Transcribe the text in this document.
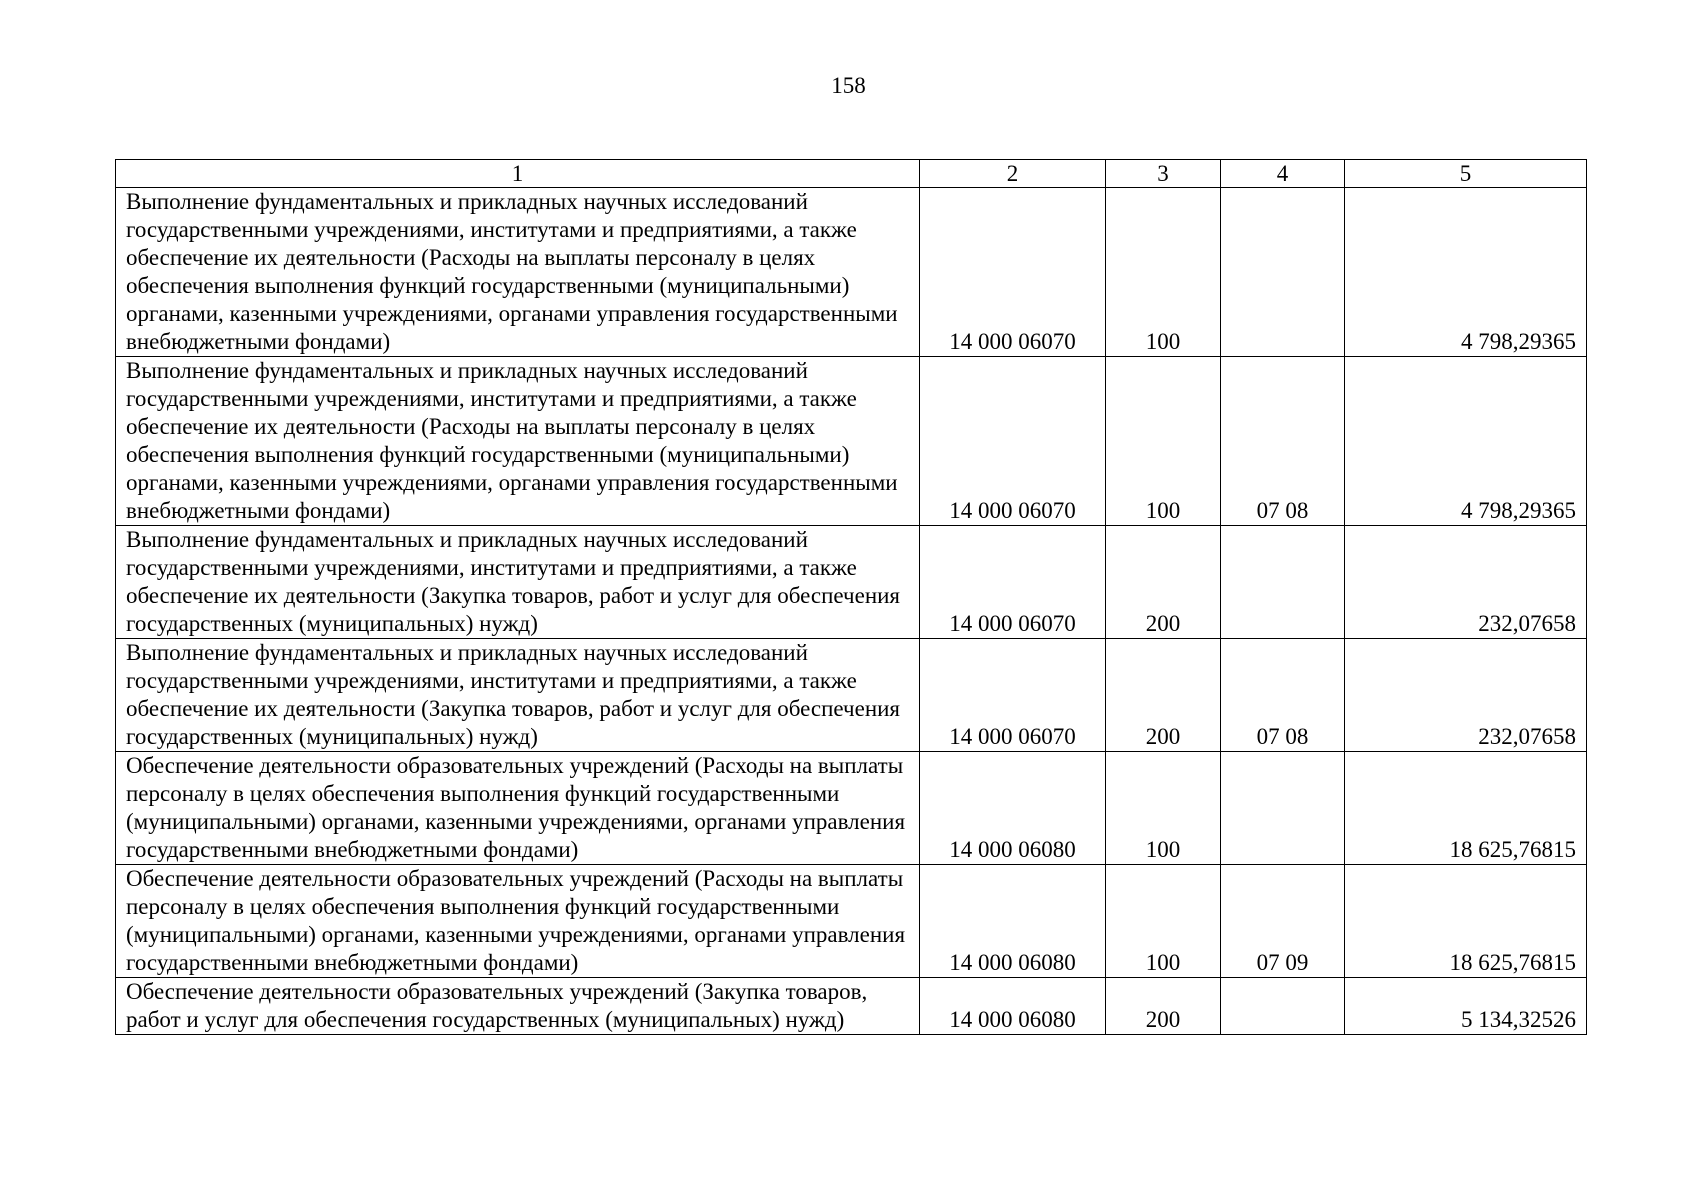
158
1	2	3	4	5
Выполнение фундаментальных и прикладных научных исследований государственными учреждениями, институтами и предприятиями, а также обеспечение их деятельности (Расходы на выплаты персоналу в целях обеспечения выполнения функций государственными (муниципальными) органами, казенными учреждениями, органами управления государственными внебюджетными фондами)	14 000 06070	100		4 798,29365
Выполнение фундаментальных и прикладных научных исследований государственными учреждениями, институтами и предприятиями, а также обеспечение их деятельности (Расходы на выплаты персоналу в целях обеспечения выполнения функций государственными (муниципальными) органами, казенными учреждениями, органами управления государственными внебюджетными фондами)	14 000 06070	100	07 08	4 798,29365
Выполнение фундаментальных и прикладных научных исследований государственными учреждениями, институтами и предприятиями, а также обеспечение их деятельности (Закупка товаров, работ и услуг для обеспечения государственных (муниципальных) нужд)	14 000 06070	200		232,07658
Выполнение фундаментальных и прикладных научных исследований государственными учреждениями, институтами и предприятиями, а также обеспечение их деятельности (Закупка товаров, работ и услуг для обеспечения государственных (муниципальных) нужд)	14 000 06070	200	07 08	232,07658
Обеспечение деятельности образовательных учреждений (Расходы на выплаты персоналу в целях обеспечения выполнения функций государственными (муниципальными) органами, казенными учреждениями, органами управления государственными внебюджетными фондами)	14 000 06080	100		18 625,76815
Обеспечение деятельности образовательных учреждений (Расходы на выплаты персоналу в целях обеспечения выполнения функций государственными (муниципальными) органами, казенными учреждениями, органами управления государственными внебюджетными фондами)	14 000 06080	100	07 09	18 625,76815
Обеспечение деятельности образовательных учреждений (Закупка товаров, работ и услуг для обеспечения государственных (муниципальных) нужд)	14 000 06080	200		5 134,32526
